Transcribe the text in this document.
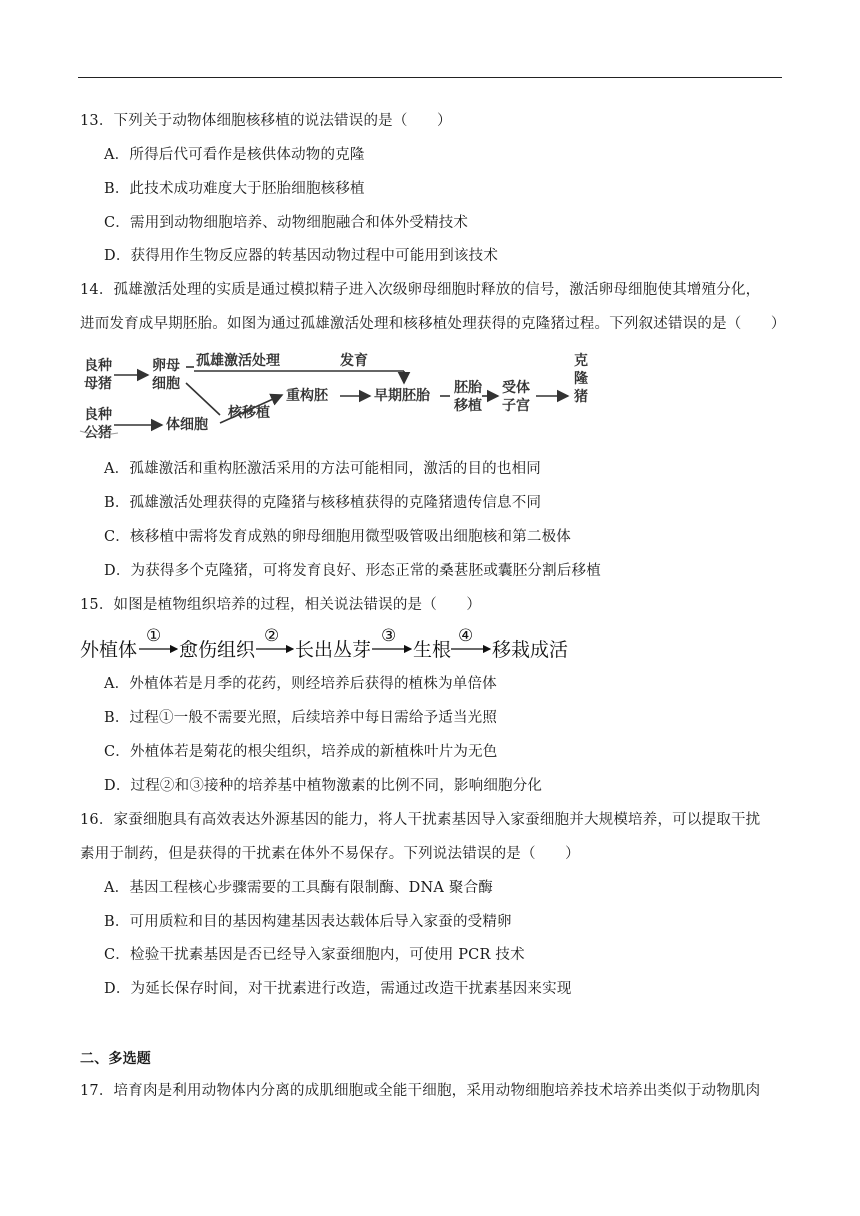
13．下列关于动物体细胞核移植的说法错误的是（　　）
A．所得后代可看作是核供体动物的克隆
B．此技术成功难度大于胚胎细胞核移植
C．需用到动物细胞培养、动物细胞融合和体外受精技术
D．获得用作生物反应器的转基因动物过程中可能用到该技术
14．孤雄激活处理的实质是通过模拟精子进入次级卵母细胞时释放的信号，激活卵母细胞使其增殖分化，
进而发育成早期胚胎。如图为通过孤雄激活处理和核移植处理获得的克隆猪过程。下列叙述错误的是（　　）
良种
母猪
卵母
细胞
孤雄激活处理	发育
良种
公猪	体细胞
核移植
重构胚	早期胚胎 胚胎
移植
受体
子宫
克
隆
猪
A．孤雄激活和重构胚激活采用的方法可能相同，激活的目的也相同
B．孤雄激活处理获得的克隆猪与核移植获得的克隆猪遗传信息不同
C．核移植中需将发育成熟的卵母细胞用微型吸管吸出细胞核和第二极体
D．为获得多个克隆猪，可将发育良好、形态正常的桑葚胚或囊胚分割后移植
15．如图是植物组织培养的过程，相关说法错误的是（　　）
外植体 愈伤组织 长出丛芽 生根 移栽成活
①	②	③	④
A．外植体若是月季的花药，则经培养后获得的植株为单倍体
B．过程①一般不需要光照，后续培养中每日需给予适当光照
C．外植体若是菊花的根尖组织，培养成的新植株叶片为无色
D．过程②和③接种的培养基中植物激素的比例不同，影响细胞分化
16．家蚕细胞具有高效表达外源基因的能力，将人干扰素基因导入家蚕细胞并大规模培养，可以提取干扰
素用于制药，但是获得的干扰素在体外不易保存。下列说法错误的是（　　）
A．基因工程核心步骤需要的工具酶有限制酶、DNA 聚合酶
B．可用质粒和目的基因构建基因表达载体后导入家蚕的受精卵
C．检验干扰素基因是否已经导入家蚕细胞内，可使用 PCR 技术
D．为延长保存时间，对干扰素进行改造，需通过改造干扰素基因来实现
二、多选题
17．培育肉是利用动物体内分离的成肌细胞或全能干细胞，采用动物细胞培养技术培养出类似于动物肌肉
